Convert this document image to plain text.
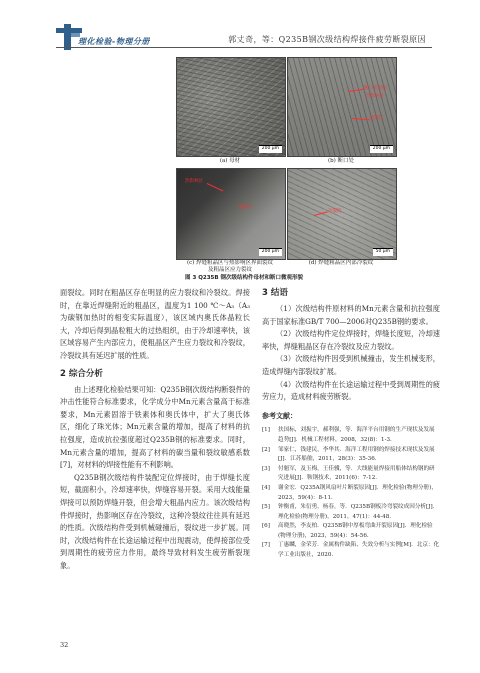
理化检验-物理分册	郭丈奇，等：Q235B钢次级结构焊接件疲劳断裂原因
200 μm
断口处焊接
热影响区
焊缝区
200 μm
(a) 母材	(b) 断口处
热影响区
粗晶区
200 μm
冷裂纹
50 μm
(c) 焊缝粗晶区与热影响区界面裂纹
及粗晶区应力裂纹
(d) 焊缝粗晶区内部冷裂纹
图 3 Q235B 钢次级结构件母材和断口微观形貌

面裂纹。同时在粗晶区存在明显的应力裂纹和冷裂纹。焊接时，在靠近焊缝附近的粗晶区，温度为1 100 ℃～A₃（A₃为碳钢加热时的相变实际温度），该区域内奥氏体晶粒长大，冷却后得到晶粒粗大的过热组织，由于冷却速率快，该区域容易产生内部应力，使粗晶区产生应力裂纹和冷裂纹，冷裂纹具有延迟扩展的性质。

2 综合分析

由上述理化检验结果可知：Q235B钢次级结构断裂件的冲击性能符合标准要求，化学成分中Mn元素含量高于标准要求，Mn元素固溶于铁素体和奥氏体中，扩大了奥氏体区，细化了珠光体；Mn元素含量的增加，提高了材料的抗拉强度，造成抗拉强度超过Q235B钢的标准要求。同时，Mn元素含量的增加，提高了材料的碳当量和裂纹敏感系数[7]，对材料的焊接性能有不利影响。

Q235B钢次级结构件装配定位焊接时，由于焊缝长度短，截面积小，冷却速率快，焊缝容易开裂。采用大线能量焊接可以预防焊缝开裂，但会增大粗晶内应力。该次级结构件焊接时，热影响区存在冷裂纹，这种冷裂纹往往具有延迟的性质。次级结构件受到机械碰撞后，裂纹进一步扩展。同时，次级结构件在长途运输过程中出现震动，使焊接部位受到周期性的疲劳应力作用，最终导致材料发生疲劳断裂现象。

3 结语

（1）次级结构件原材料的Mn元素含量和抗拉强度高于国家标准GB/T 700—2006对Q235B钢的要求。

（2）次级结构件定位焊接时，焊缝长度短，冷却速率快，焊缝粗晶区存在冷裂纹及应力裂纹。

（3）次级结构件因受到机械撞击，发生机械变形，造成焊缝内部裂纹扩展。

（4）次级结构件在长途运输过程中受到周期性的疲劳应力，造成材料疲劳断裂。

参考文献：
[1]	扶国标，刘振宇，郝利强，等．海洋平台用钢的生产现状及发展趋势[J]．机械工程材料，2008，32(8)：1-3.
[2]	邹家仁，钱建民，李华其．海洋工程用钢的焊接技术现状及发展[J]．江苏船舶，2011，28(3)：35-36.
[3]	付魁军，及玉梅，王佳骥，等．大线能量焊接用船体结构钢的研究进展[J]．鞍钢技术，2011(6)：7-12.
[4]	谢金宏．Q235A钢风扇叶片断裂原因[J]．理化检验(物理分册)，2023，59(4)：8-11.
[5]	钟衡甫，朱衍勇，杨春，等．Q235B钢板冷弯裂纹成因分析[J]．理化检验(物理分册)，2011，47(1)：44-48.
[6]	高晓然，李友柏．Q235B钢中厚板弯曲开裂原因[J]．理化检验(物理分册)，2023，59(4)：54-56.
[7]	丁惠麟，金荣芳．金属构件缺陷、失效分析与实例[M]．北京：化学工业出版社，2020.
32
